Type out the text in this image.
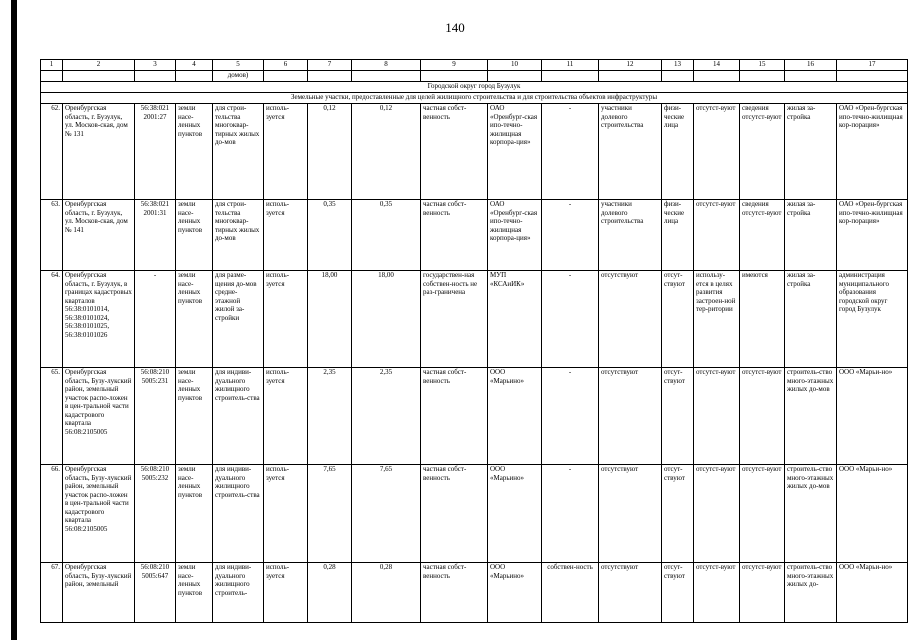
140
1	2	3	4	5	6	7	8	9	10	11	12	13	14	15	16	17
				домов)												
Городской округ город Бузулук																
Земельные участки, предоставленные для целей жилищного строительства и для строительства объектов инфраструктуры																
62.	Оренбургская область, г. Бузулук, ул. Москов-ская, дом № 131	56:38:021 2001:27	земли насе-ленных пунктов	для строи-тельства многоквар-тирных жилых до-мов	исполь-зуется	0,12	0,12	частная собст-венность	ОАО «Оренбург-ская ипо-течно-жилищная корпора-ция»	-	участники долевого строительства	физи-ческие лица	отсутст-вуют	сведения отсутст-вуют	жилая за-стройка	ОАО «Орен-бургская ипо-течно-жилищная кор-порация»
63.	Оренбургская область, г. Бузулук, ул. Москов-ская, дом № 141	56:38:021 2001:31	земли насе-ленных пунктов	для строи-тельства многоквар-тирных жилых до-мов	исполь-зуется	0,35	0,35	частная собст-венность	ОАО «Оренбург-ская ипо-течно-жилищная корпора-ция»	-	участники долевого строительства	физи-ческие лица	отсутст-вуют	сведения отсутст-вуют	жилая за-стройка	ОАО «Орен-бургская ипо-течно-жилищная кор-порация»
64.	Оренбургская область, г. Бузулук, в границах кадастровых кварталов 56:38:0101014, 56:38:0101024, 56:38:0101025, 56:38:0101026	-	земли насе-ленных пунктов	для разме-щения до-мов средне-этажной жилой за-стройки	исполь-зуется	18,00	18,00	государствен-ная собствен-ность не раз-граничена	МУП «КСАиИК»	-	отсутствуют	отсут-ствуют	использу-ется в целях развития застроен-ной тер-ритории	имеются	жилая за-стройка	администрация муниципального образования городской округ город Бузулук
65.	Оренбургская область, Бузу-лукский район, земельный участок распо-ложен в цен-тральной части кадастрового квартала 56:08:2105005	56:08:210 5005:231	земли насе-ленных пунктов	для индиви-дуального жилищного строитель-ства	исполь-зуется	2,35	2,35	частная собст-венность	ООО «Марьино»	-	отсутствуют	отсут-ствуют	отсутст-вуют	отсутст-вуют	строитель-ство много-этажных жилых до-мов	ООО «Марьи-но»
66.	Оренбургская область, Бузу-лукский район, земельный участок распо-ложен в цен-тральной части кадастрового квартала 56:08:2105005	56:08:210 5005:232	земли насе-ленных пунктов	для индиви-дуального жилищного строитель-ства	исполь-зуется	7,65	7,65	частная собст-венность	ООО «Марьино»	-	отсутствуют	отсут-ствуют	отсутст-вуют	отсутст-вуют	строитель-ство много-этажных жилых до-мов	ООО «Марьи-но»
67.	Оренбургская область, Бузу-лукский район, земельный	56:08:210 5005:647	земли насе-ленных пунктов	для индиви-дуального жилищного строитель-	исполь-зуется	0,28	0,28	частная собст-венность	ООО «Марьино»	собствен-ность	отсутствуют	отсут-ствуют	отсутст-вуют	отсутст-вуют	строитель-ство много-этажных жилых до-	ООО «Марьи-но»
